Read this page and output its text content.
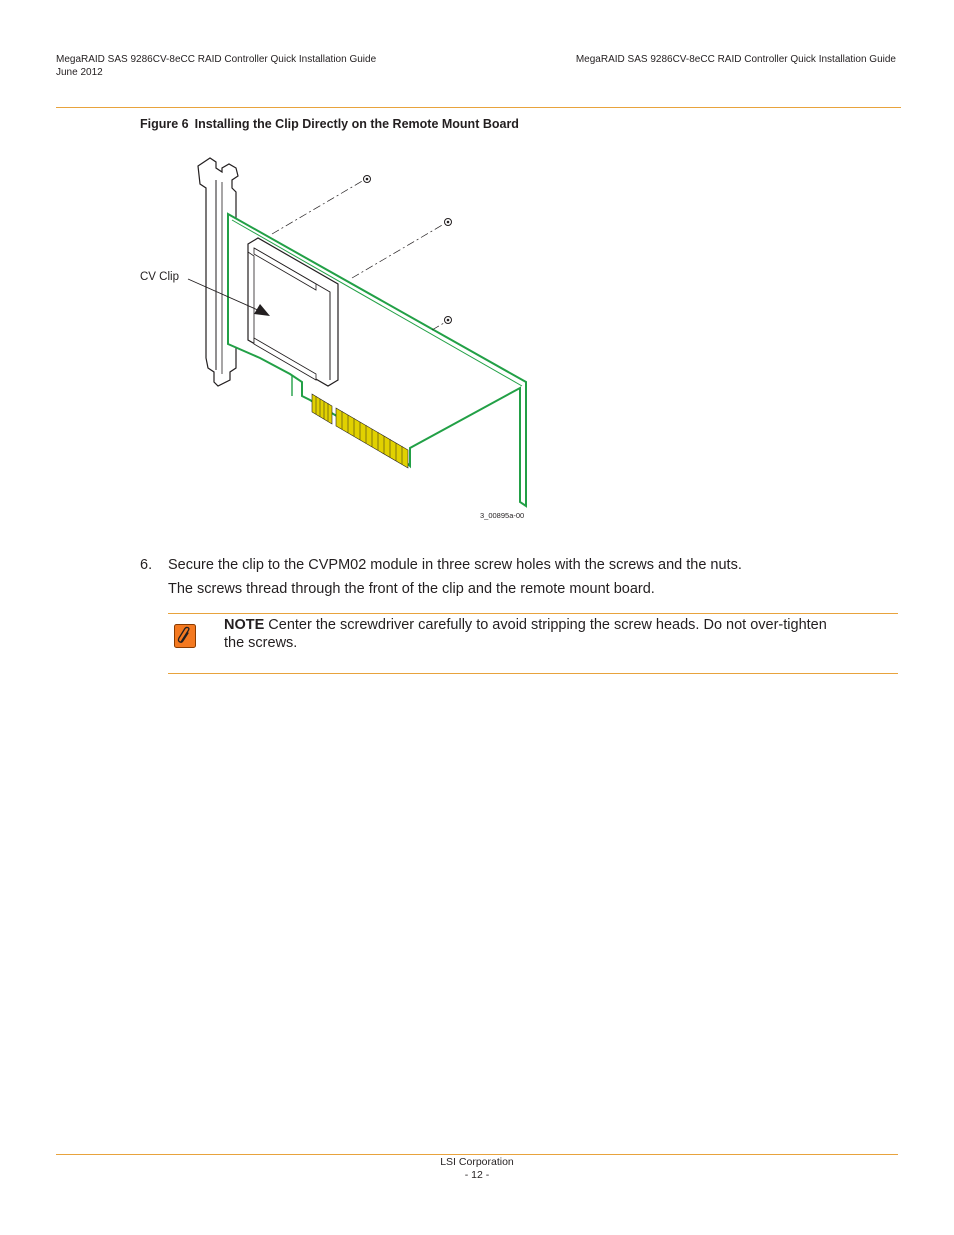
MegaRAID SAS 9286CV-8eCC RAID Controller Quick Installation Guide
June 2012
MegaRAID SAS 9286CV-8eCC RAID Controller Quick Installation Guide
Figure 6 Installing the Clip Directly on the Remote Mount Board
CV Clip
3_00895a-00
6. Secure the clip to the CVPM02 module in three screw holes with the screws and the nuts.
The screws thread through the front of the clip and the remote mount board.
NOTE Center the screwdriver carefully to avoid stripping the screw heads. Do not over-tighten the screws.
LSI Corporation
- 12 -
